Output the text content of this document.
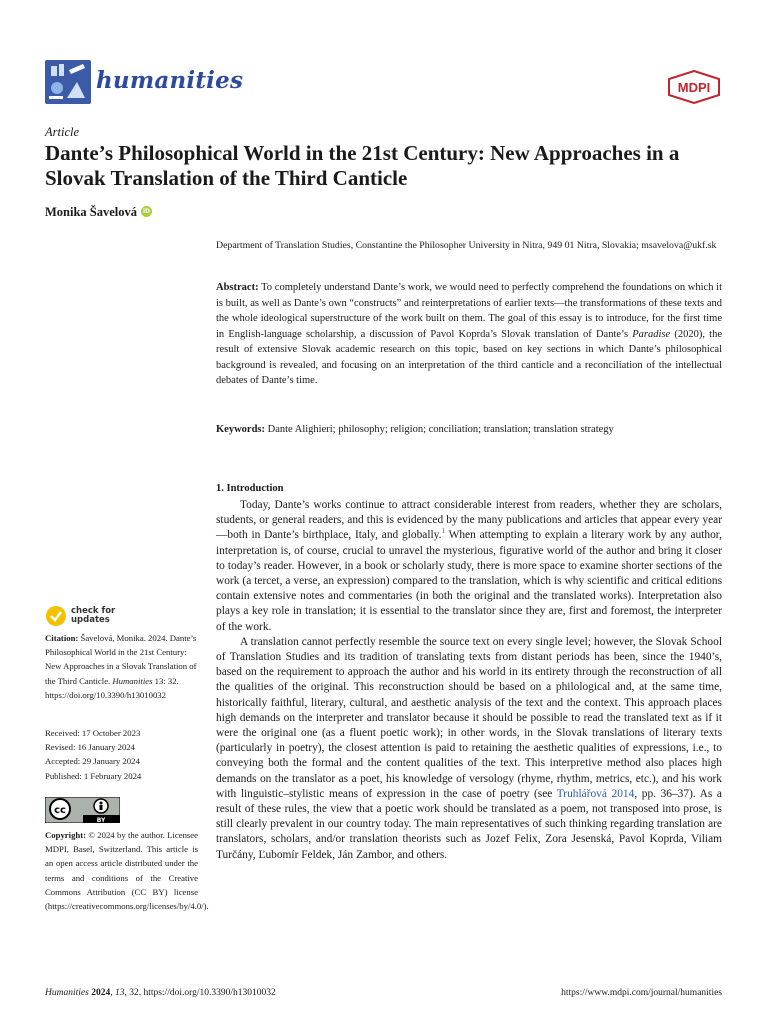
humanities	MDPI
Article
Dante’s Philosophical World in the 21st Century: New Approaches in a Slovak Translation of the Third Canticle
Monika Šavelová iD
Department of Translation Studies, Constantine the Philosopher University in Nitra, 949 01 Nitra, Slovakia; msavelova@ukf.sk
Abstract: To completely understand Dante’s work, we would need to perfectly comprehend the foundations on which it is built, as well as Dante’s own “constructs” and reinterpretations of earlier texts—the transformations of these texts and the whole ideological superstructure of the work built on them. The goal of this essay is to introduce, for the first time in English-language scholarship, a discussion of Pavol Koprda’s Slovak translation of Dante’s Paradise (2020), the result of extensive Slovak academic research on this topic, based on key sections in which Dante’s philosophical background is revealed, and focusing on an interpretation of the third canticle and a reconciliation of the intellectual debates of Dante’s time.
Keywords: Dante Alighieri; philosophy; religion; conciliation; translation; translation strategy
1. Introduction

Today, Dante’s works continue to attract considerable interest from readers, whether they are scholars, students, or general readers, and this is evidenced by the many publications and articles that appear every year—both in Dante’s birthplace, Italy, and globally.$^1$ When attempting to explain a literary work by any author, interpretation is, of course, crucial to unravel the mysterious, figurative world of the author and bring it closer to today’s reader. However, in a book or scholarly study, there is more space to examine shorter sections of the work (a tercet, a verse, an expression) compared to the translation, which is why scientific and critical editions contain extensive notes and commentaries (in both the original and the translated works). Interpretation also plays a key role in translation; it is essential to the translator since they are, first and foremost, the interpreter of the work.

A translation cannot perfectly resemble the source text on every single level; however, the Slovak School of Translation Studies and its tradition of translating texts from distant periods has been, since the 1940’s, based on the requirement to approach the author and his world in its entirety through the reconstruction of all the qualities of the original. This reconstruction should be based on a philological and, at the same time, historically faithful, literary, cultural, and aesthetic analysis of the text and the context. This approach places high demands on the interpreter and translator because it should be possible to read the translated text as if it were the original one (as a fluent poetic work); in other words, in the Slovak translations of literary texts (particularly in poetry), the closest attention is paid to retaining the aesthetic qualities of expressions, i.e., to conveying both the formal and the content qualities of the text. This interpretive method also places high demands on the translator as a poet, his knowledge of versology (rhyme, rhythm, metrics, etc.), and his work with linguistic–stylistic means of expression in the case of poetry (see Truhlářová 2014, pp. 36–37). As a result of these rules, the view that a poetic work should be translated as a poem, not transposed into prose, is still clearly prevalent in our country today. The main representatives of such thinking regarding translation are translators, scholars, and/or translation theorists such as Jozef Felix, Zora Jesenská, Pavol Koprda, Viliam Turčány, Ľubomír Feldek, Ján Zambor, and others.

check for
updates
Citation: Šavelová, Monika. 2024. Dante’s Philosophical World in the 21st Century: New Approaches in a Slovak Translation of the Third Canticle. Humanities 13: 32. https://doi.org/10.3390/h13010032
Received: 17 October 2023
Revised: 16 January 2024
Accepted: 29 January 2024
Published: 1 February 2024
cc
BY
Copyright: © 2024 by the author. Licensee MDPI, Basel, Switzerland. This article is an open access article distributed under the terms and conditions of the Creative Commons Attribution (CC BY) license (https://creativecommons.org/licenses/by/4.0/).
Humanities 2024, 13, 32. https://doi.org/10.3390/h13010032	https://www.mdpi.com/journal/humanities
